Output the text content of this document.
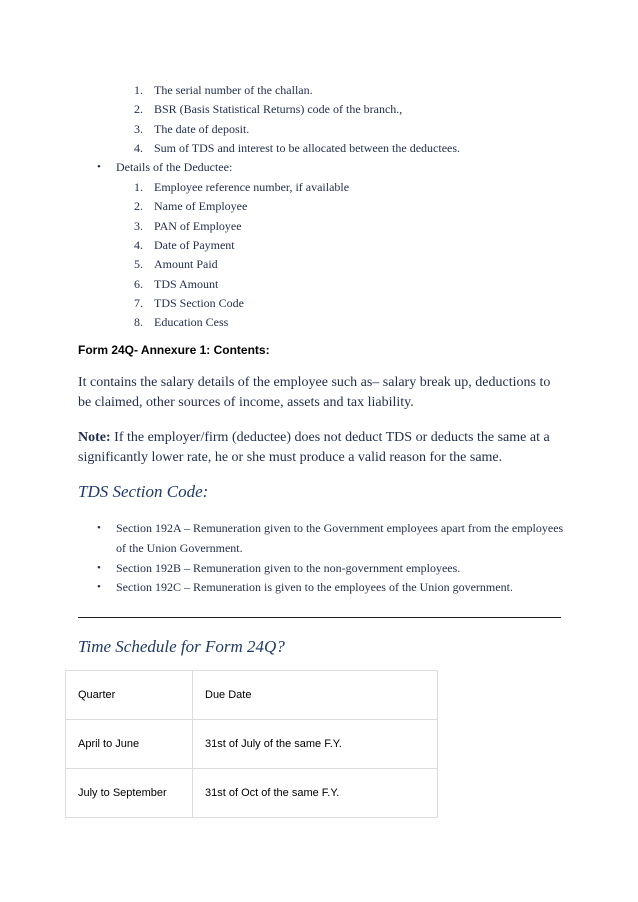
1. The serial number of the challan.
2. BSR (Basis Statistical Returns) code of the branch.,
3. The date of deposit.
4. Sum of TDS and interest to be allocated between the deductees.
• Details of the Deductee:
1. Employee reference number, if available
2. Name of Employee
3. PAN of Employee
4. Date of Payment
5. Amount Paid
6. TDS Amount
7. TDS Section Code
8. Education Cess
Form 24Q- Annexure 1: Contents:

It contains the salary details of the employee such as– salary break up, deductions to be claimed, other sources of income, assets and tax liability.

Note: If the employer/firm (deductee) does not deduct TDS or deducts the same at a significantly lower rate, he or she must produce a valid reason for the same.

TDS Section Code:
• Section 192A – Remuneration given to the Government employees apart from the employees
of the Union Government.
• Section 192B – Remuneration given to the non-government employees.
• Section 192C – Remuneration is given to the employees of the Union government.
Time Schedule for Form 24Q?
Quarter	Due Date
April to June	31st of July of the same F.Y.
July to September	31st of Oct of the same F.Y.
